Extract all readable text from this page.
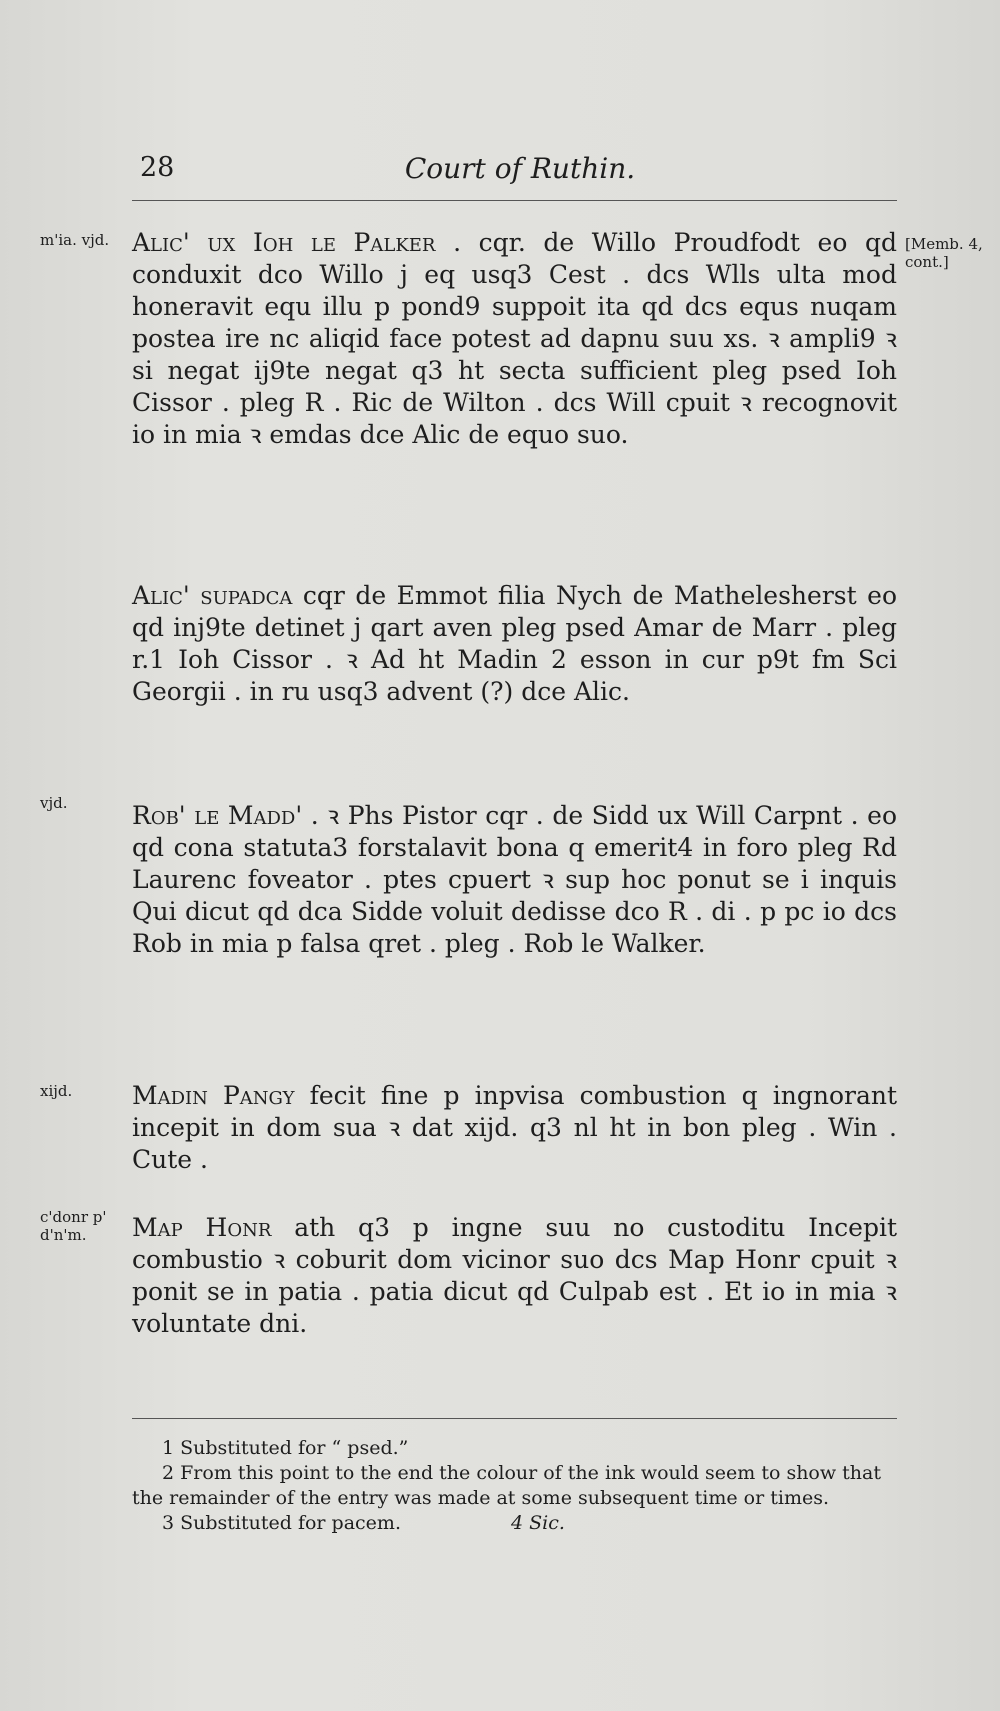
28	Court of Ruthin.
m'ia. vjd.	[Memb. 4, cont.]

Alic' ux Ioh le Palker . cqr. de Willo Proudfodt eo qd conduxit dco Willo j eq usq3 Cest . dcs Wlls ulta mod honeravit equ illu p pond9 suppoit ita qd dcs equs nuqam postea ire nc aliqid face potest ad dapnu suu xs. ꝛ ampli9 ꝛ si negat ij9te negat q3 ht secta sufficient pleg psed Ioh Cissor . pleg R . Ric de Wilton . dcs Will cpuit ꝛ recognovit io in mia ꝛ emdas dce Alic de equo suo.

Alic' supadca cqr de Emmot filia Nych de Mathelesherst eo qd inj9te detinet j qart aven pleg psed Amar de Marr . pleg r.1 Ioh Cissor . ꝛ Ad ht Madin 2 esson in cur p9t fm Sci Georgii . in ru usq3 advent (?) dce Alic.

vjd.	Rob' le Madd' . ꝛ Phs Pistor cqr . de Sidd ux Will Carpnt . eo qd cona statuta3 forstalavit bona q emerit4 in foro pleg Rd Laurenc foveator . ptes cpuert ꝛ sup hoc ponut se i inquis Qui dicut qd dca Sidde voluit dedisse dco R . di . p pc io dcs Rob in mia p falsa qret . pleg . Rob le Walker.

xijd.	Madin Pangy fecit fine p inpvisa combustion q ingnorant incepit in dom sua ꝛ dat xijd. q3 nl ht in bon pleg . Win . Cute .

c'donr p' d'n'm.	Map Honr ath q3 p ingne suu no custoditu Incepit combustio ꝛ coburit dom vicinor suo dcs Map Honr cpuit ꝛ ponit se in patia . patia dicut qd Culpab est . Et io in mia ꝛ voluntate dni.

1 Substituted for “ psed.”

2 From this point to the end the colour of the ink would seem to show that the remainder of the entry was made at some subsequent time or times.

3 Substituted for pacem.	4 Sic.
